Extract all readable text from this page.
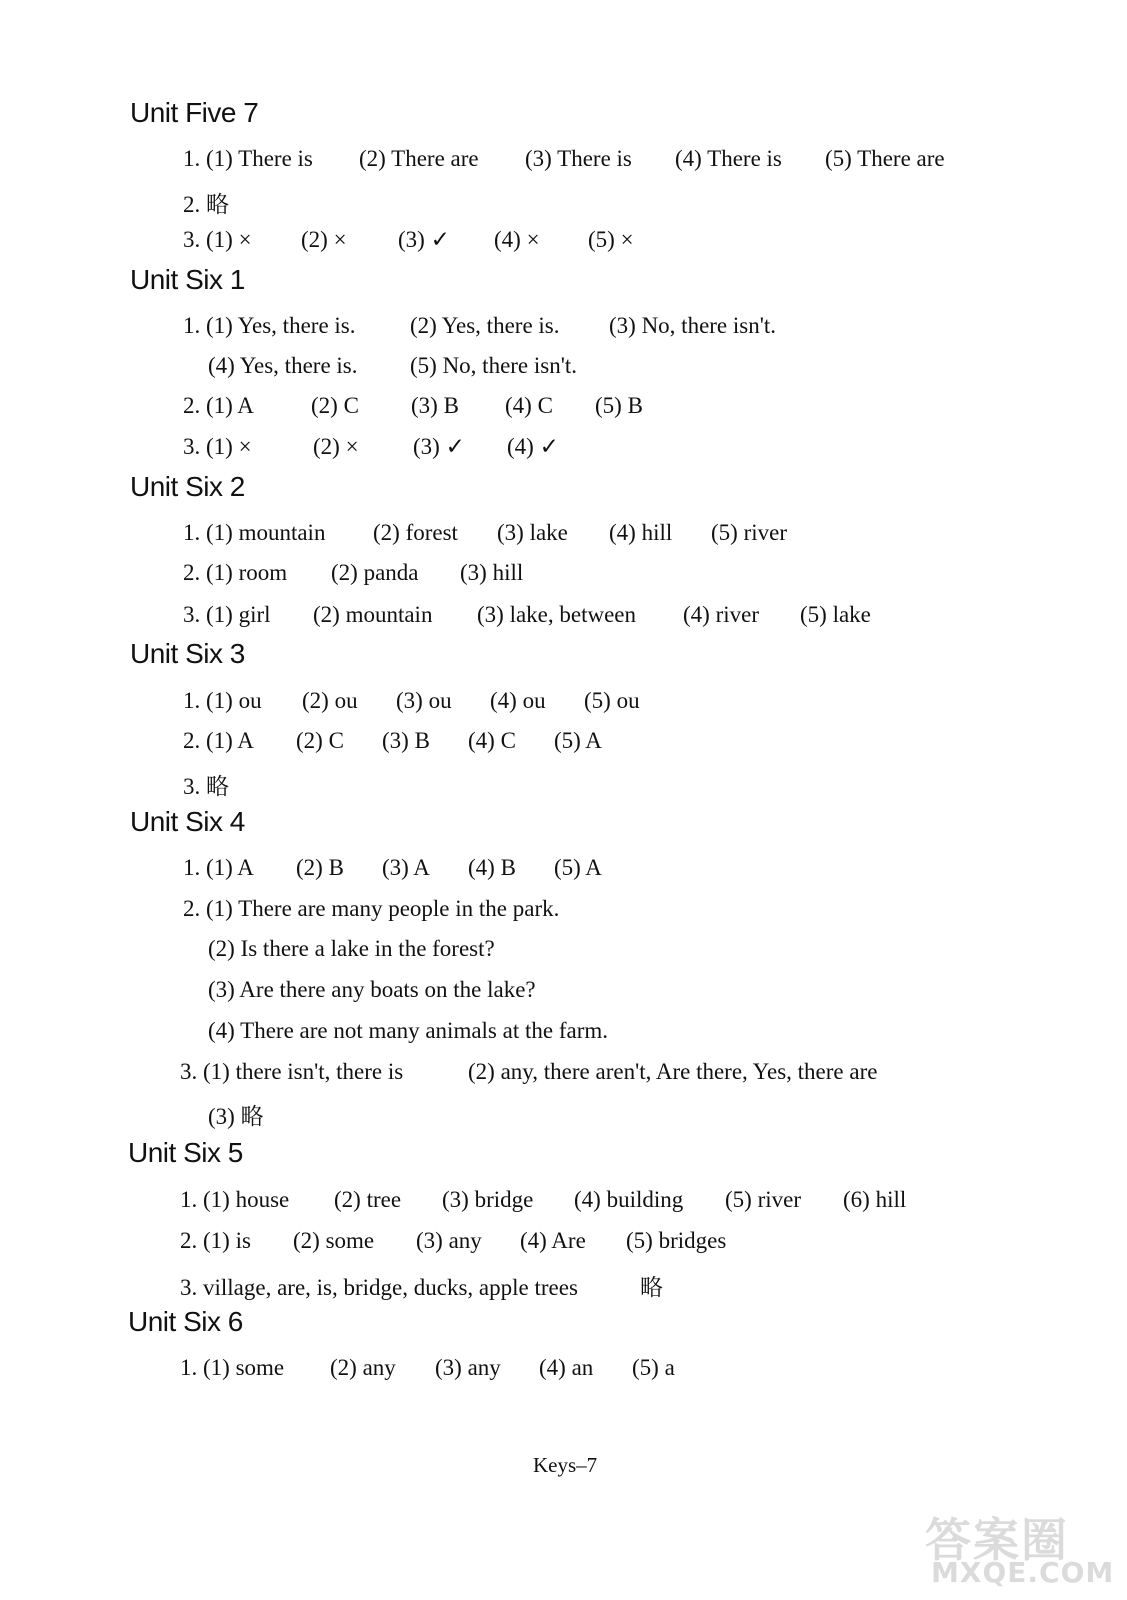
Unit Five 7
1. (1) There is (2) There are (3) There is (4) There is (5) There are
2. 略
3. (1) × (2) × (3) ✓ (4) × (5) ×
Unit Six 1
1. (1) Yes, there is. (2) Yes, there is. (3) No, there isn't.
(4) Yes, there is. (5) No, there isn't.
2. (1) A (2) C (3) B (4) C (5) B
3. (1) ×	(2) × (3) ✓ (4) ✓
Unit Six 2
1. (1) mountain (2) forest (3) lake (4) hill (5) river
2. (1) room (2) panda (3) hill
3. (1) girl (2) mountain (3) lake, between (4) river (5) lake
Unit Six 3
1. (1) ou (2) ou (3) ou (4) ou (5) ou
2. (1) A (2) C (3) B (4) C (5) A
3. 略
Unit Six 4
1. (1) A (2) B (3) A (4) B (5) A
2. (1) There are many people in the park.
(2) Is there a lake in the forest?
(3) Are there any boats on the lake?
(4) There are not many animals at the farm.
3. (1) there isn't, there is	(2) any, there aren't, Are there, Yes, there are
(3) 略
Unit Six 5
1. (1) house (2) tree (3) bridge (4) building (5) river (6) hill
2. (1) is (2) some (3) any (4) Are (5) bridges
3. village, are, is, bridge, ducks, apple trees	略
Unit Six 6
1. (1) some (2) any (3) any (4) an (5) a
Keys–7
答案圈
MXQE.COM
